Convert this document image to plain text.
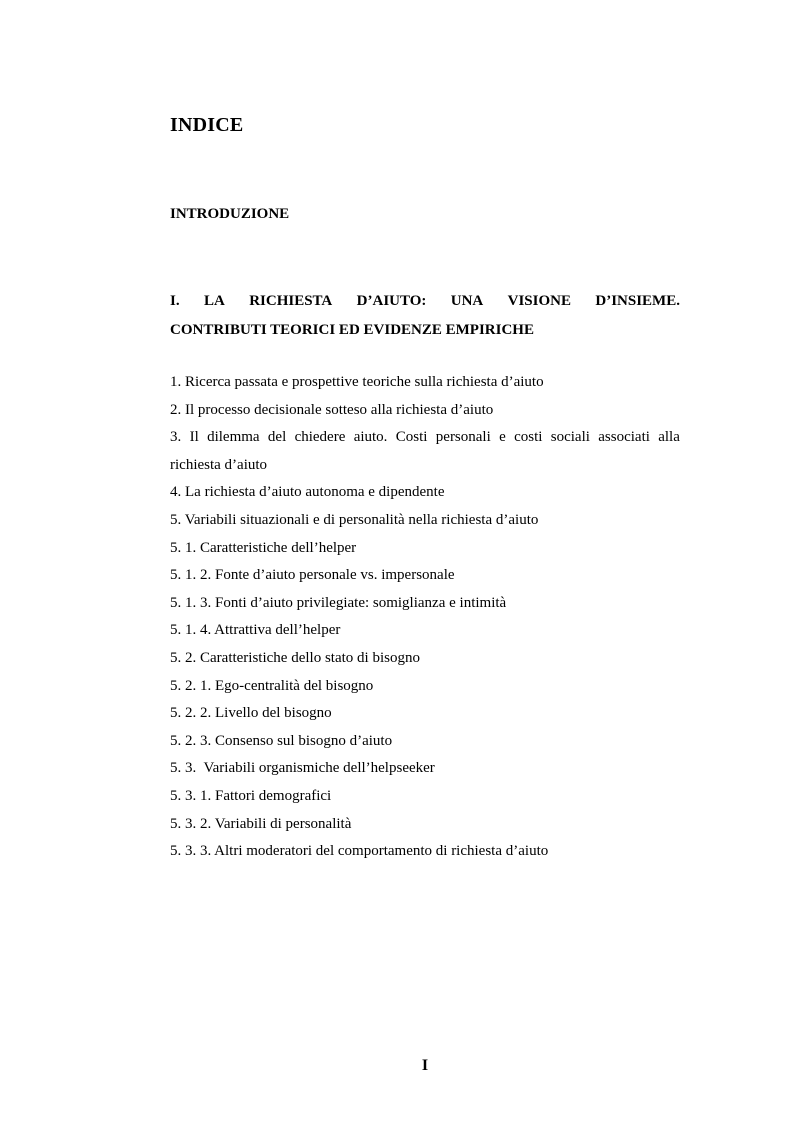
INDICE
INTRODUZIONE
I. LA RICHIESTA D’AIUTO: UNA VISIONE D’INSIEME.
CONTRIBUTI TEORICI ED EVIDENZE EMPIRICHE
1. Ricerca passata e prospettive teoriche sulla richiesta d’aiuto
2. Il processo decisionale sotteso alla richiesta d’aiuto
3. Il dilemma del chiedere aiuto. Costi personali e costi sociali associati alla
richiesta d’aiuto
4. La richiesta d’aiuto autonoma e dipendente
5. Variabili situazionali e di personalità nella richiesta d’aiuto
5. 1. Caratteristiche dell’helper
5. 1. 2. Fonte d’aiuto personale vs. impersonale
5. 1. 3. Fonti d’aiuto privilegiate: somiglianza e intimità
5. 1. 4. Attrattiva dell’helper
5. 2. Caratteristiche dello stato di bisogno
5. 2. 1. Ego-centralità del bisogno
5. 2. 2. Livello del bisogno
5. 2. 3. Consenso sul bisogno d’aiuto
5. 3.  Variabili organismiche dell’helpseeker
5. 3. 1. Fattori demografici
5. 3. 2. Variabili di personalità
5. 3. 3. Altri moderatori del comportamento di richiesta d’aiuto
I
